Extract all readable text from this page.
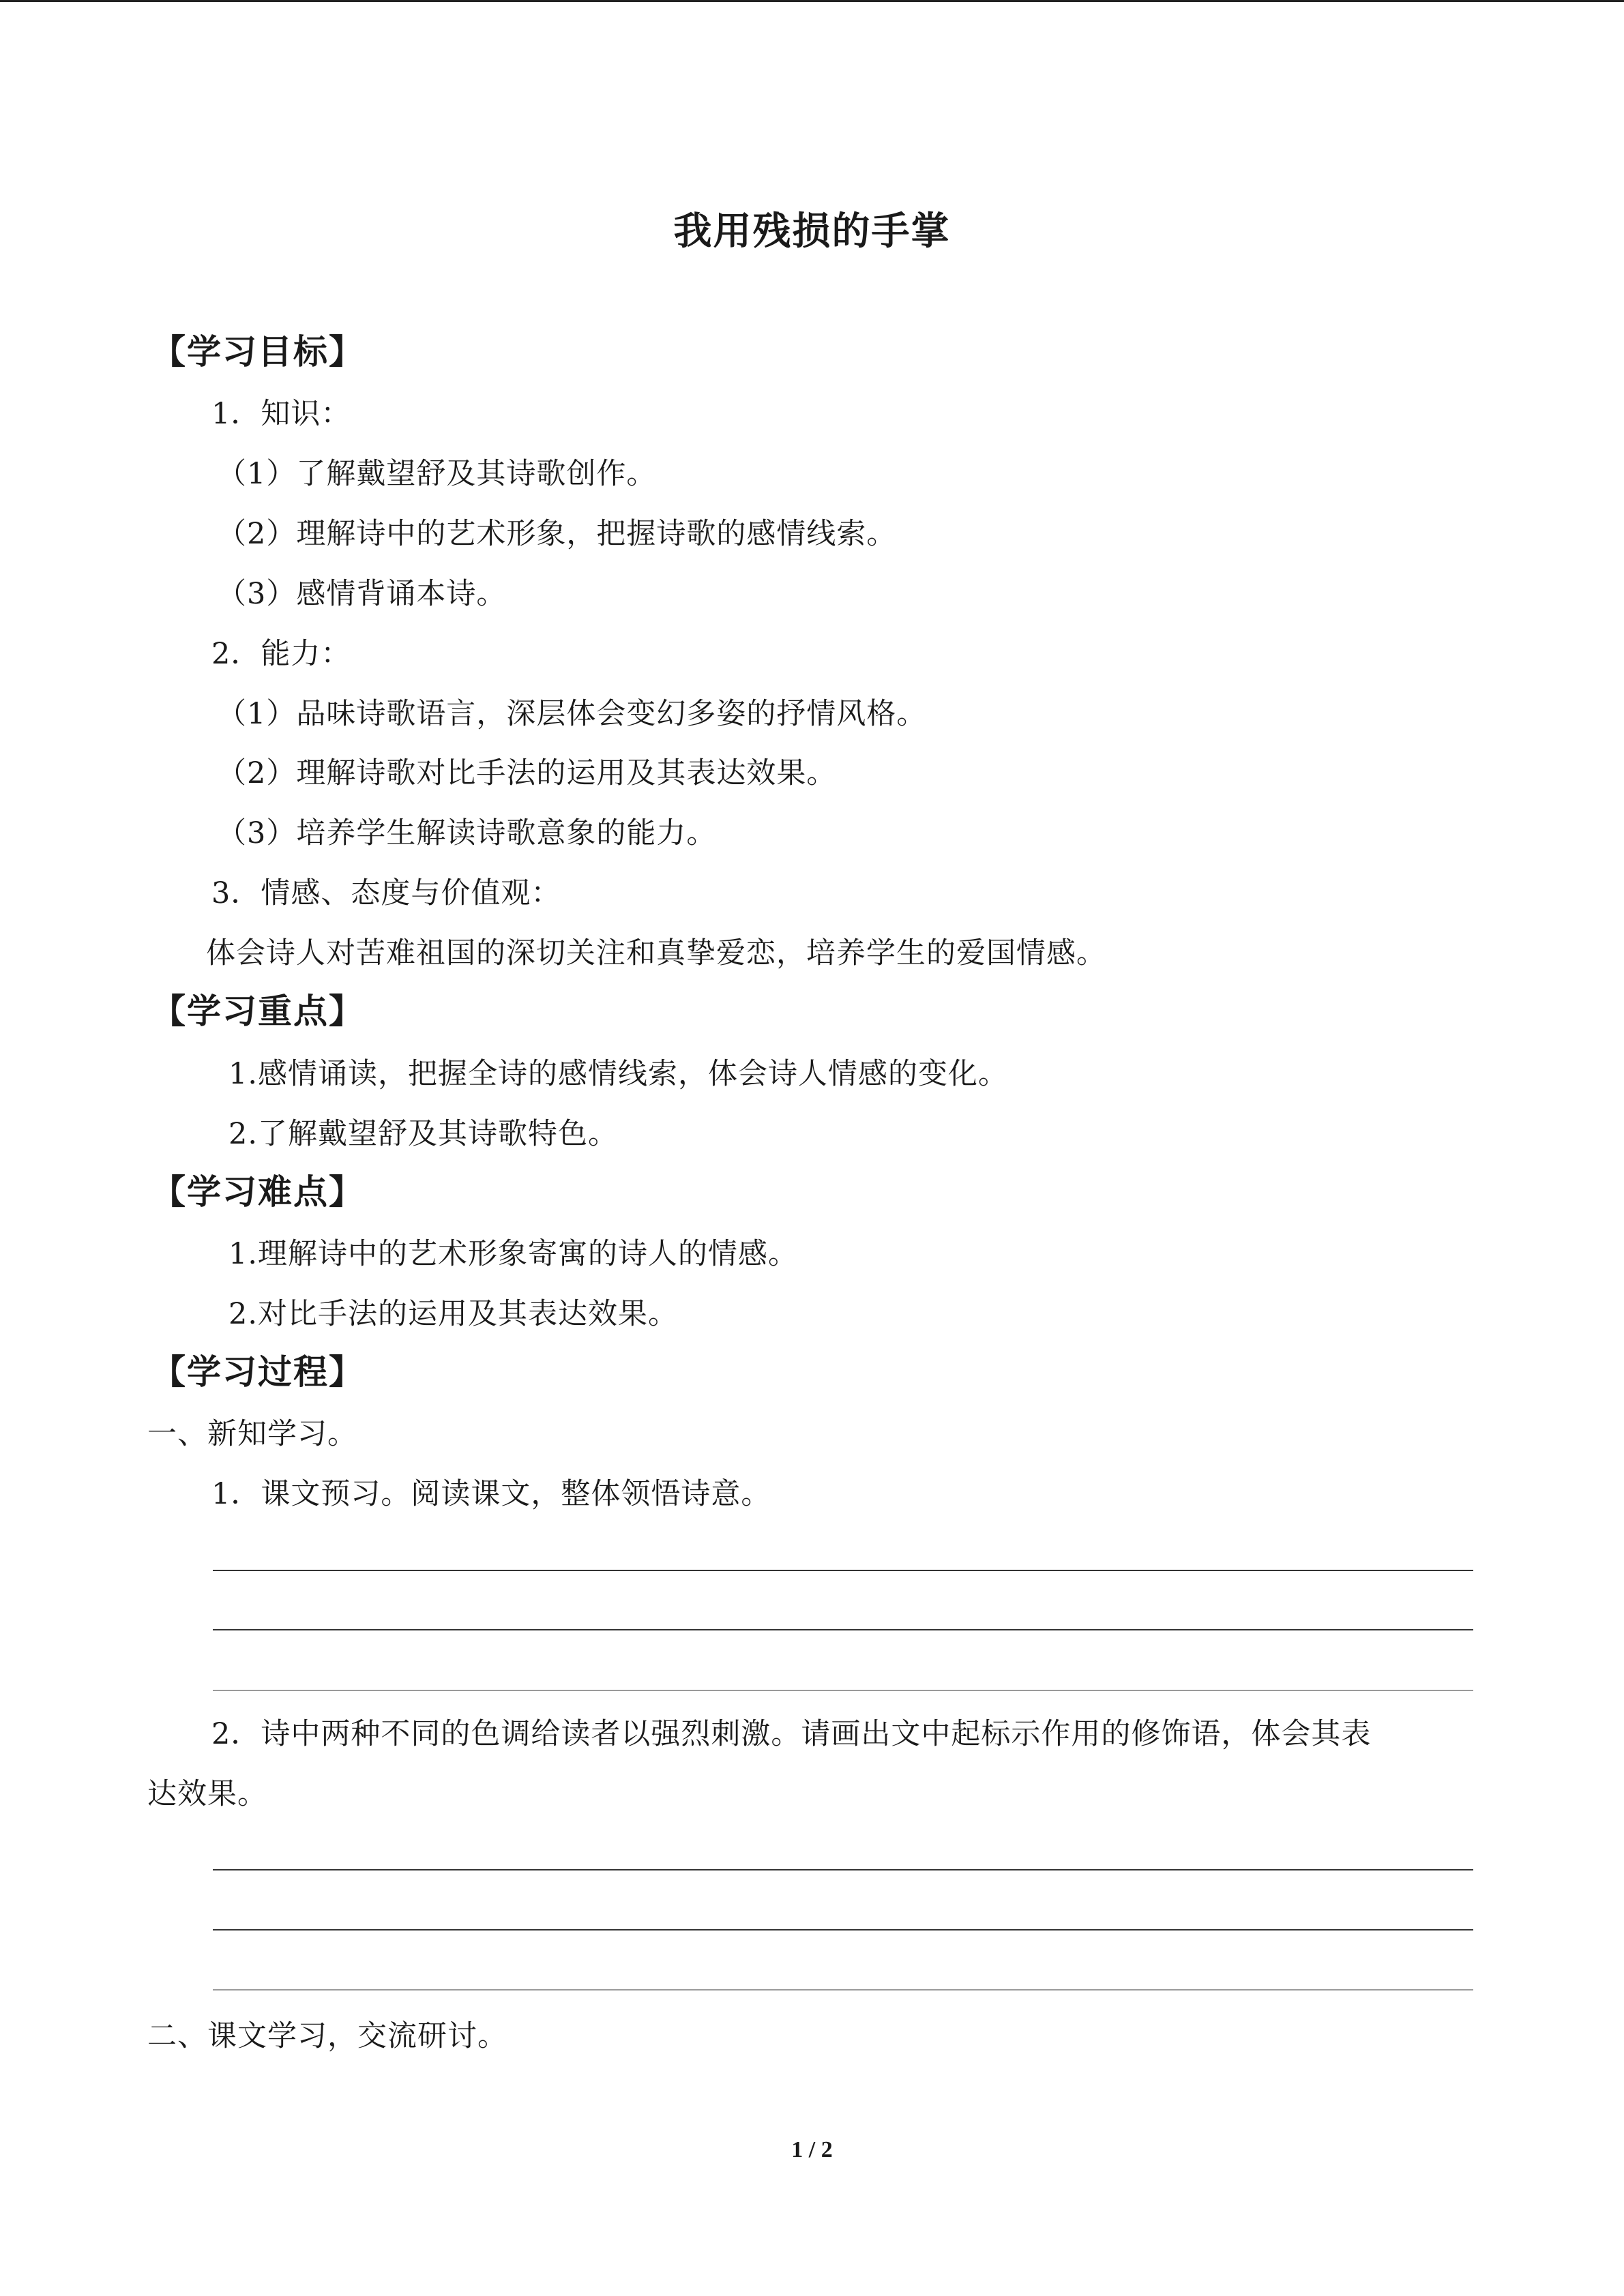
我用残损的手掌
【学习目标】
1．知识：
（1）了解戴望舒及其诗歌创作。
（2）理解诗中的艺术形象，把握诗歌的感情线索。
（3）感情背诵本诗。
2．能力：
（1）品味诗歌语言，深层体会变幻多姿的抒情风格。
（2）理解诗歌对比手法的运用及其表达效果。
（3）培养学生解读诗歌意象的能力。
3．情感、态度与价值观：
体会诗人对苦难祖国的深切关注和真挚爱恋，培养学生的爱国情感。
【学习重点】
1.感情诵读，把握全诗的感情线索，体会诗人情感的变化。
2.了解戴望舒及其诗歌特色。
【学习难点】
1.理解诗中的艺术形象寄寓的诗人的情感。
2.对比手法的运用及其表达效果。
【学习过程】
一、新知学习。
1．课文预习。阅读课文，整体领悟诗意。
2．诗中两种不同的色调给读者以强烈刺激。请画出文中起标示作用的修饰语，体会其表
达效果。
二、课文学习，交流研讨。
1 / 2
